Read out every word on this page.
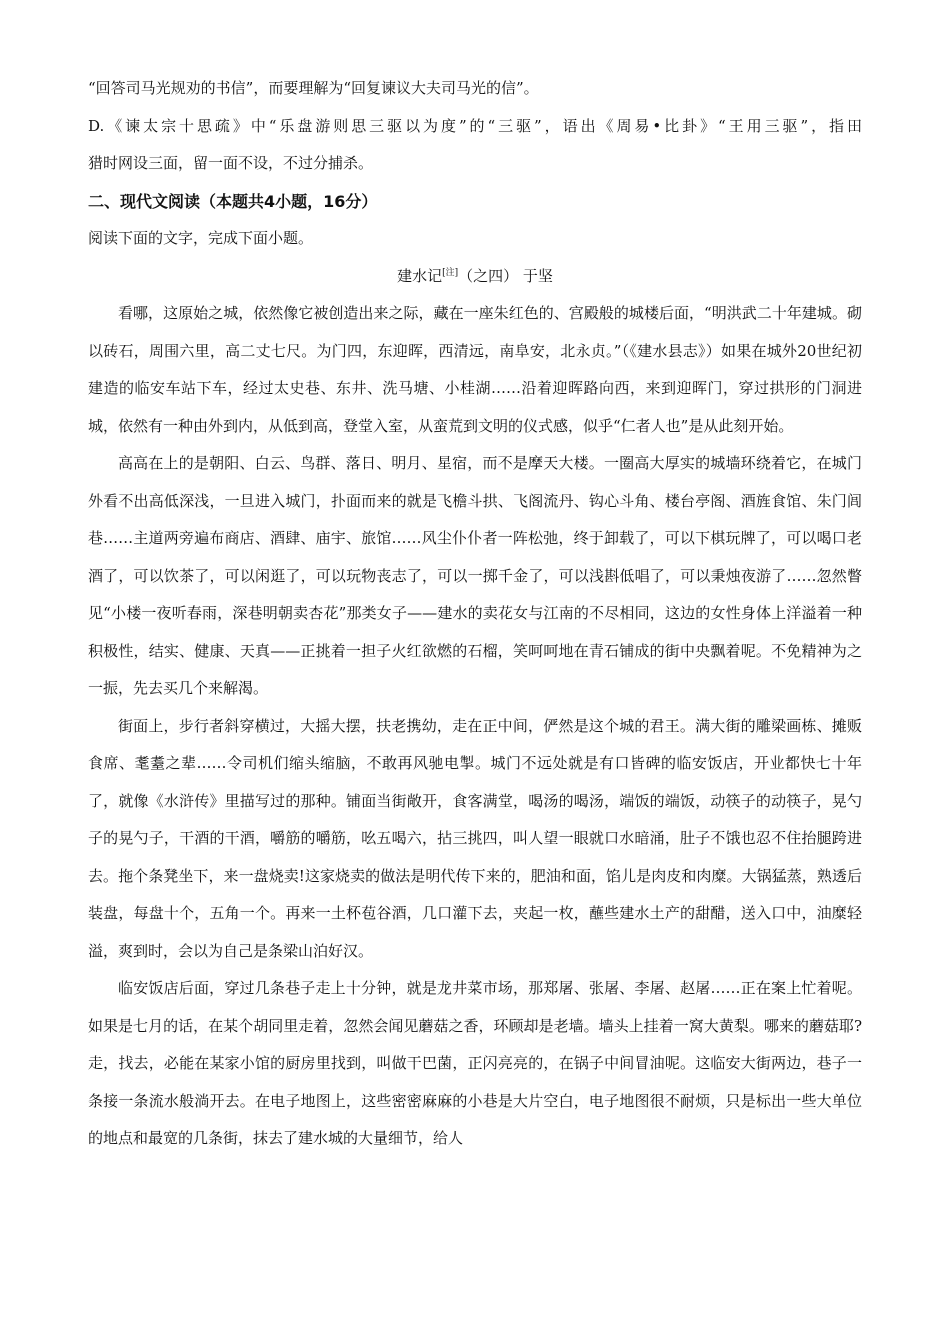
“回答司马光规劝的书信”，而要理解为“回复谏议大夫司马光的信”。
D.《谏太宗十思疏》中“乐盘游则思三驱以为度”的“三驱”，语出《周易•比卦》“王用三驱”，指田
猎时网设三面，留一面不设，不过分捕杀。
二、现代文阅读（本题共4小题，16分）
阅读下面的文字，完成下面小题。
建水记[注]（之四） 于坚

看哪，这原始之城，依然像它被创造出来之际，藏在一座朱红色的、宫殿般的城楼后面，“明洪武二十年建城。砌以砖石，周围六里，高二丈七尺。为门四，东迎晖，西清远，南阜安，北永贞。”（《建水县志》）如果在城外20世纪初建造的临安车站下车，经过太史巷、东井、洗马塘、小桂湖……沿着迎晖路向西，来到迎晖门，穿过拱形的门洞进城，依然有一种由外到内，从低到高，登堂入室，从蛮荒到文明的仪式感，似乎“仁者人也”是从此刻开始。

高高在上的是朝阳、白云、鸟群、落日、明月、星宿，而不是摩天大楼。一圈高大厚实的城墙环绕着它，在城门外看不出高低深浅，一旦进入城门，扑面而来的就是飞檐斗拱、飞阁流丹、钩心斗角、楼台亭阁、酒旌食馆、朱门闾巷……主道两旁遍布商店、酒肆、庙宇、旅馆……风尘仆仆者一阵松弛，终于卸载了，可以下棋玩牌了，可以喝口老酒了，可以饮茶了，可以闲逛了，可以玩物丧志了，可以一掷千金了，可以浅斟低唱了，可以秉烛夜游了……忽然瞥见“小楼一夜听春雨，深巷明朝卖杏花”那类女子——建水的卖花女与江南的不尽相同，这边的女性身体上洋溢着一种积极性，结实、健康、天真——正挑着一担子火红欲燃的石榴，笑呵呵地在青石铺成的街中央飘着呢。不免精神为之一振，先去买几个来解渴。

街面上，步行者斜穿横过，大摇大摆，扶老携幼，走在正中间，俨然是这个城的君王。满大街的雕梁画栋、摊贩食席、耄耋之辈……令司机们缩头缩脑，不敢再风驰电掣。城门不远处就是有口皆碑的临安饭店，开业都快七十年了，就像《水浒传》里描写过的那种。铺面当街敞开，食客满堂，喝汤的喝汤，端饭的端饭，动筷子的动筷子，晃勺子的晃勺子，干酒的干酒，嚼筋的嚼筋，吆五喝六，拈三挑四，叫人望一眼就口水暗涌，肚子不饿也忍不住抬腿跨进去。拖个条凳坐下，来一盘烧卖!这家烧卖的做法是明代传下来的，肥油和面，馅儿是肉皮和肉糜。大锅猛蒸，熟透后装盘，每盘十个，五角一个。再来一土杯苞谷酒，几口灌下去，夹起一枚，蘸些建水土产的甜醋，送入口中，油糜轻溢，爽到时，会以为自己是条梁山泊好汉。

临安饭店后面，穿过几条巷子走上十分钟，就是龙井菜市场，那郑屠、张屠、李屠、赵屠……正在案上忙着呢。如果是七月的话，在某个胡同里走着，忽然会闻见蘑菇之香，环顾却是老墙。墙头上挂着一窝大黄梨。哪来的蘑菇耶?走，找去，必能在某家小馆的厨房里找到，叫做干巴菌，正闪亮亮的，在锅子中间冒油呢。这临安大街两边，巷子一条接一条流水般淌开去。在电子地图上，这些密密麻麻的小巷是大片空白，电子地图很不耐烦，只是标出一些大单位的地点和最宽的几条街，抹去了建水城的大量细节，给人
